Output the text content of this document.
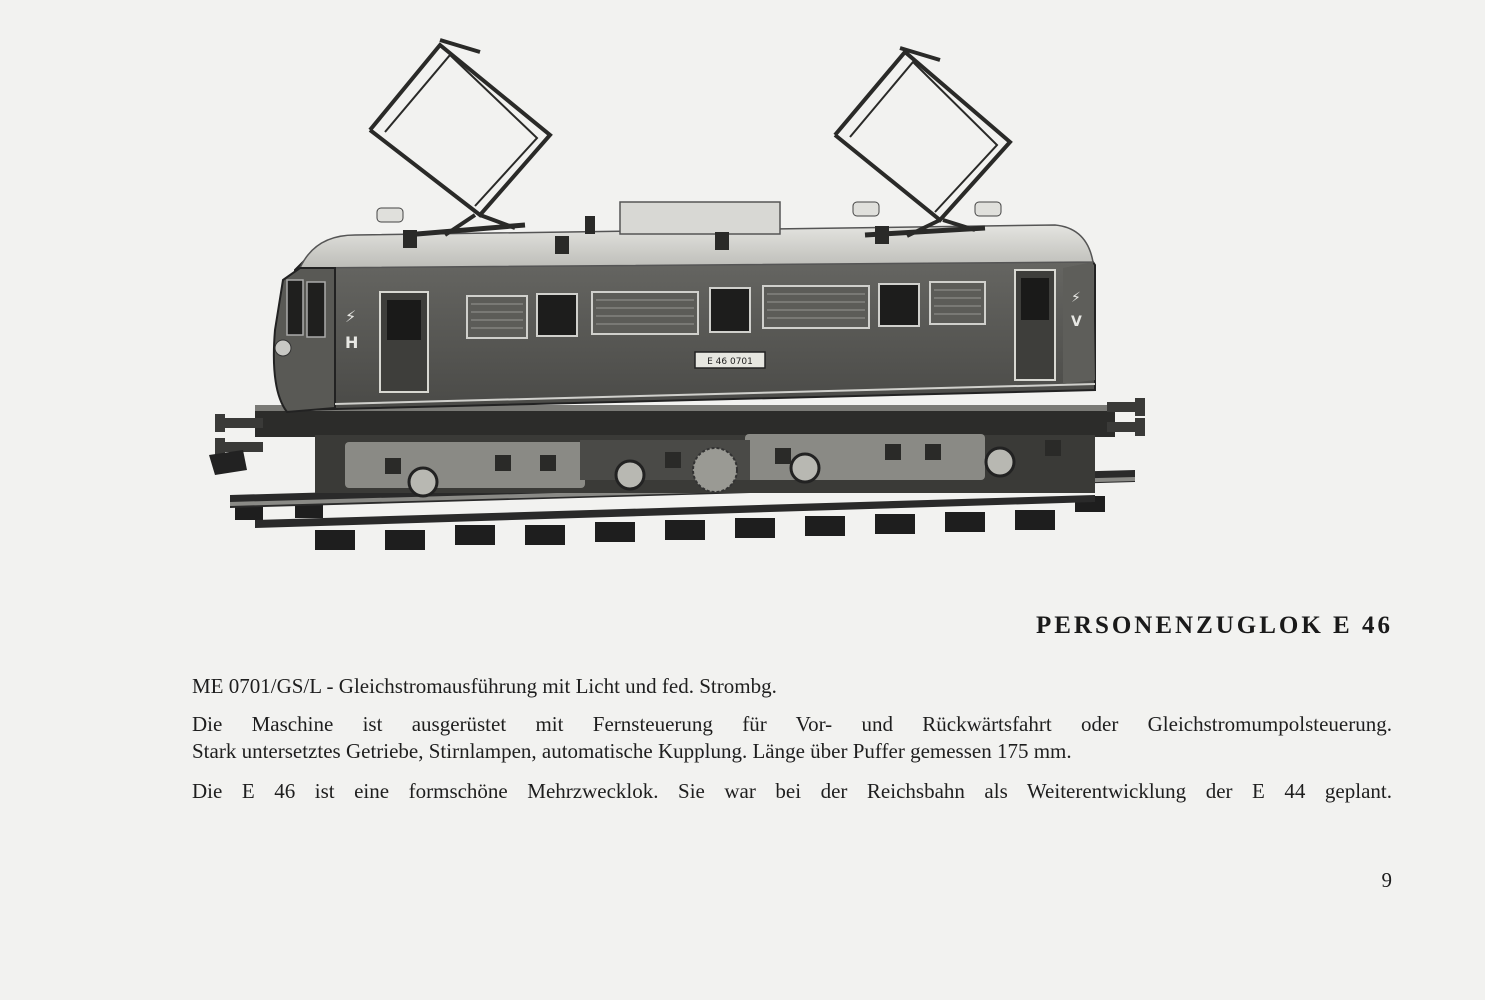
E 46 0701
⚡
H
⚡
V
PERSONENZUGLOK E 46

ME 0701/GS/L - Gleichstromausführung mit Licht und fed. Strombg.

Die Maschine ist ausgerüstet mit Fernsteuerung für Vor- und Rückwärtsfahrt oder Gleichstromumpolsteuerung.
Stark untersetztes Getriebe, Stirnlampen, automatische Kupplung. Länge über Puffer gemessen 175 mm.

Die E 46 ist eine formschöne Mehrzwecklok. Sie war bei der Reichsbahn als Weiterentwicklung der E 44 geplant.

9
